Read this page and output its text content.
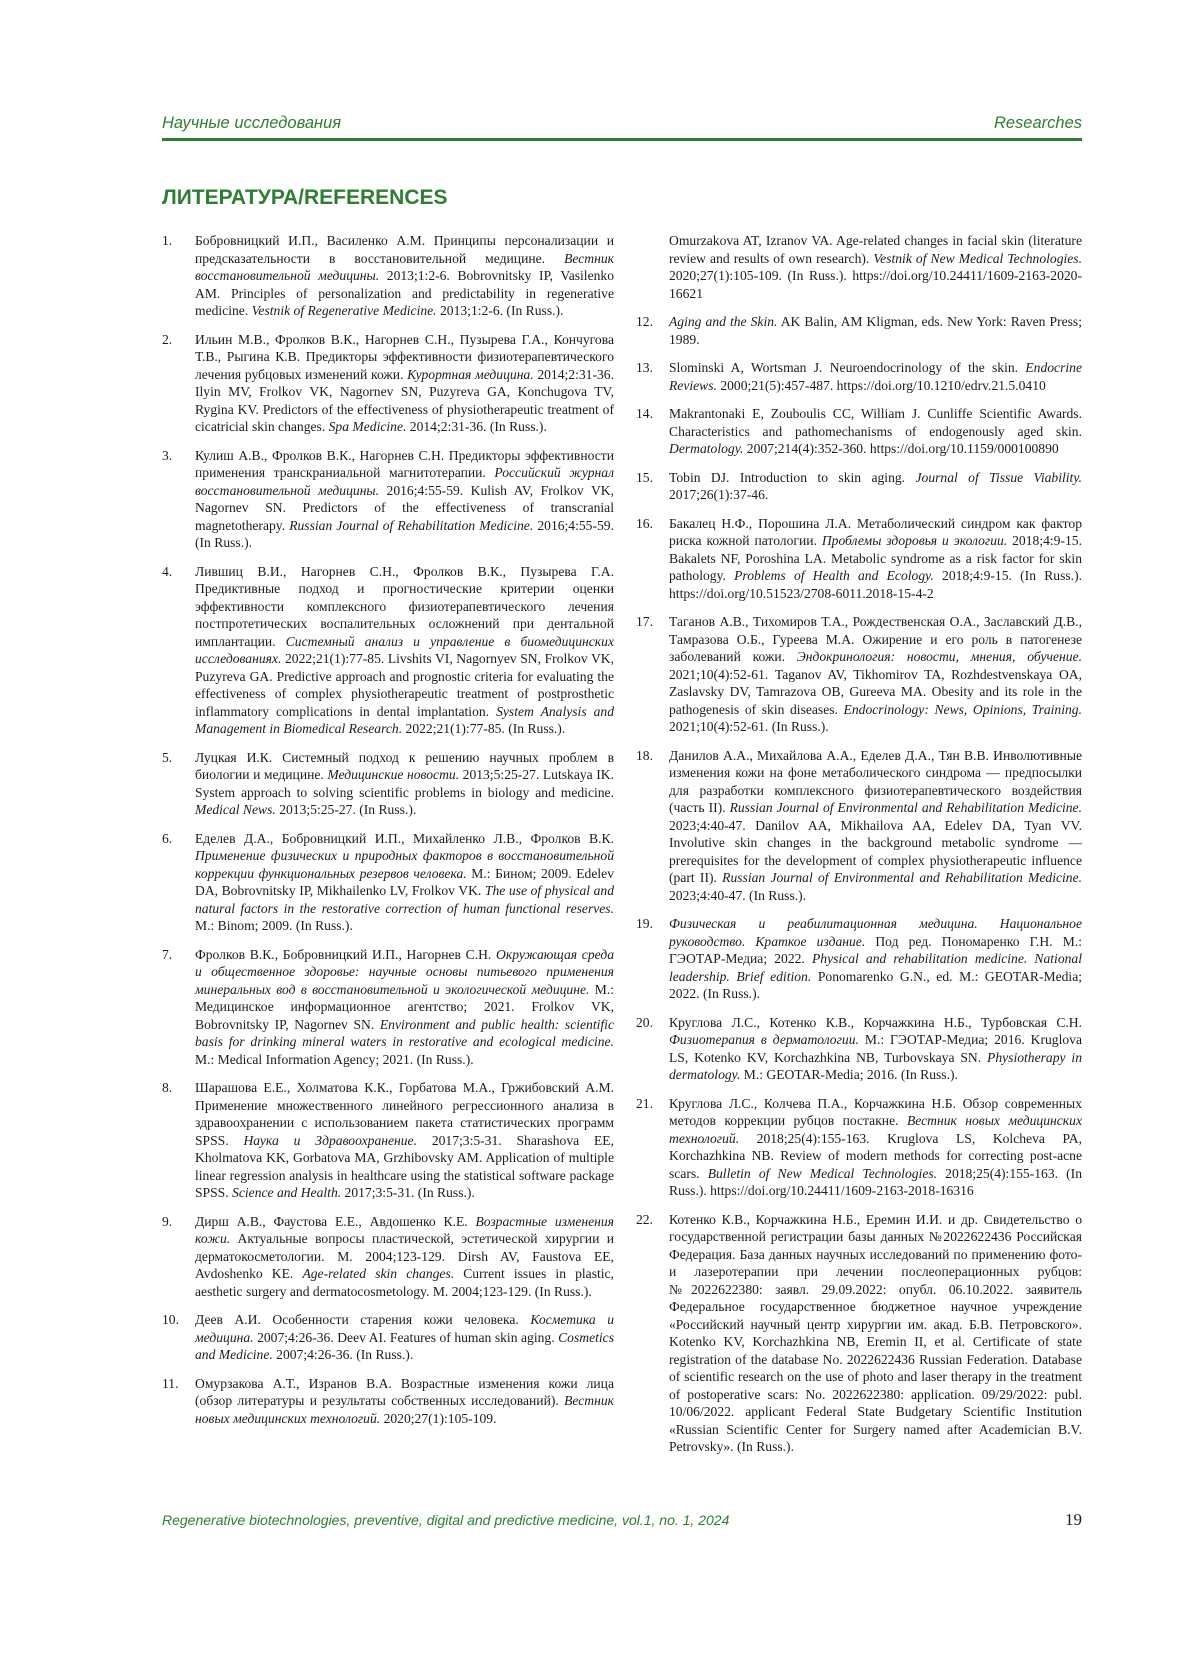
Научные исследования	Researches
ЛИТЕРАТУРА/REFERENCES
1. Бобровницкий И.П., Василенко А.М. Принципы персонализации и предсказательности в восстановительной медицине. Вестник восстановительной медицины. 2013;1:2-6. Bobrovnitsky IP, Vasilenko AM. Principles of personalization and predictability in regenerative medicine. Vestnik of Regenerative Medicine. 2013;1:2-6. (In Russ.).
2. Ильин М.В., Фролков В.К., Нагорнев С.Н., Пузырева Г.А., Кончугова Т.В., Рыгина К.В. Предикторы эффективности физиотерапевтического лечения рубцовых изменений кожи. Курортная медицина. 2014;2:31-36. Ilyin MV, Frolkov VK, Nagornev SN, Puzyreva GA, Konchugova TV, Rygina KV. Predictors of the effectiveness of physiotherapeutic treatment of cicatricial skin changes. Spa Medicine. 2014;2:31-36. (In Russ.).
3. Кулиш А.В., Фролков В.К., Нагорнев С.Н. Предикторы эффективности применения транскраниальной магнитотерапии. Российский журнал восстановительной медицины. 2016;4:55-59. Kulish AV, Frolkov VK, Nagornev SN. Predictors of the effectiveness of transcranial magnetotherapy. Russian Journal of Rehabilitation Medicine. 2016;4:55-59. (In Russ.).
4. Лившиц В.И., Нагорнев С.Н., Фролков В.К., Пузырева Г.А. Предиктивные подход и прогностические критерии оценки эффективности комплексного физиотерапевтического лечения постпротетических воспалительных осложнений при дентальной имплантации. Системный анализ и управление в биомедицинских исследованиях. 2022;21(1):77-85. Livshits VI, Nagornyev SN, Frolkov VK, Puzyreva GA. Predictive approach and prognostic criteria for evaluating the effectiveness of complex physiotherapeutic treatment of postprosthetic inflammatory complications in dental implantation. System Analysis and Management in Biomedical Research. 2022;21(1):77-85. (In Russ.).
5. Луцкая И.К. Системный подход к решению научных проблем в биологии и медицине. Медицинские новости. 2013;5:25-27. Lutskaya IK. System approach to solving scientific problems in biology and medicine. Medical News. 2013;5:25-27. (In Russ.).
6. Еделев Д.А., Бобровницкий И.П., Михайленко Л.В., Фролков В.К. Применение физических и природных факторов в восстановительной коррекции функциональных резервов человека. М.: Бином; 2009. Edelev DA, Bobrovnitsky IP, Mikhailenko LV, Frolkov VK. The use of physical and natural factors in the restorative correction of human functional reserves. M.: Binom; 2009. (In Russ.).
7. Фролков В.К., Бобровницкий И.П., Нагорнев С.Н. Окружающая среда и общественное здоровье: научные основы питьевого применения минеральных вод в восстановительной и экологической медицине. М.: Медицинское информационное агентство; 2021. Frolkov VK, Bobrovnitsky IP, Nagornev SN. Environment and public health: scientific basis for drinking mineral waters in restorative and ecological medicine. M.: Medical Information Agency; 2021. (In Russ.).
8. Шарашова Е.Е., Холматова К.К., Горбатова М.А., Гржибовский А.М. Применение множественного линейного регрессионного анализа в здравоохранении с использованием пакета статистических программ SPSS. Наука и Здравоохранение. 2017;3:5-31. Sharashova EE, Kholmatova KK, Gorbatova MA, Grzhibovsky AM. Application of multiple linear regression analysis in healthcare using the statistical software package SPSS. Science and Health. 2017;3:5-31. (In Russ.).
9. Дирш А.В., Фаустова Е.Е., Авдошенко К.Е. Возрастные изменения кожи. Актуальные вопросы пластической, эстетической хирургии и дерматокосметологии. М. 2004;123-129. Dirsh AV, Faustova EE, Avdoshenko KE. Age-related skin changes. Current issues in plastic, aesthetic surgery and dermatocosmetology. M. 2004;123-129. (In Russ.).
10. Деев А.И. Особенности старения кожи человека. Косметика и медицина. 2007;4:26-36. Deev AI. Features of human skin aging. Cosmetics and Medicine. 2007;4:26-36. (In Russ.).
11. Омурзакова А.Т., Изранов В.А. Возрастные изменения кожи лица (обзор литературы и результаты собственных исследований). Вестник новых медицинских технологий. 2020;27(1):105-109.
Omurzakova AT, Izranov VA. Age-related changes in facial skin (literature review and results of own research). Vestnik of New Medical Technologies. 2020;27(1):105-109. (In Russ.). https://doi.org/10.24411/1609-2163-2020-16621
12. Aging and the Skin. AK Balin, AM Kligman, eds. New York: Raven Press; 1989.
13. Slominski A, Wortsman J. Neuroendocrinology of the skin. Endocrine Reviews. 2000;21(5):457-487. https://doi.org/10.1210/edrv.21.5.0410
14. Makrantonaki E, Zouboulis CC, William J. Cunliffe Scientific Awards. Characteristics and pathomechanisms of endogenously aged skin. Dermatology. 2007;214(4):352-360. https://doi.org/10.1159/000100890
15. Tobin DJ. Introduction to skin aging. Journal of Tissue Viability. 2017;26(1):37-46.
16. Бакалец Н.Ф., Порошина Л.А. Метаболический синдром как фактор риска кожной патологии. Проблемы здоровья и экологии. 2018;4:9-15. Bakalets NF, Poroshina LA. Metabolic syndrome as a risk factor for skin pathology. Problems of Health and Ecology. 2018;4:9-15. (In Russ.). https://doi.org/10.51523/2708-6011.2018-15-4-2
17. Таганов А.В., Тихомиров Т.А., Рождественская О.А., Заславский Д.В., Тамразова О.Б., Гуреева М.А. Ожирение и его роль в патогенезе заболеваний кожи. Эндокринология: новости, мнения, обучение. 2021;10(4):52-61. Taganov AV, Tikhomirov TA, Rozhdestvenskaya OA, Zaslavsky DV, Tamrazova OB, Gureeva MA. Obesity and its role in the pathogenesis of skin diseases. Endocrinology: News, Opinions, Training. 2021;10(4):52-61. (In Russ.).
18. Данилов А.А., Михайлова А.А., Еделев Д.А., Тян В.В. Инволютивные изменения кожи на фоне метаболического синдрома — предпосылки для разработки комплексного физиотерапевтического воздействия (часть II). Russian Journal of Environmental and Rehabilitation Medicine. 2023;4:40-47. Danilov AA, Mikhailova AA, Edelev DA, Tyan VV. Involutive skin changes in the background metabolic syndrome — prerequisites for the development of complex physiotherapeutic influence (part II). Russian Journal of Environmental and Rehabilitation Medicine. 2023;4:40-47. (In Russ.).
19. Физическая и реабилитационная медицина. Национальное руководство. Краткое издание. Под ред. Пономаренко Г.Н. М.: ГЭОТАР-Медиа; 2022. Physical and rehabilitation medicine. National leadership. Brief edition. Ponomarenko G.N., ed. M.: GEOTAR-Media; 2022. (In Russ.).
20. Круглова Л.С., Котенко К.В., Корчажкина Н.Б., Турбовская С.Н. Физиотерапия в дерматологии. М.: ГЭОТАР-Медиа; 2016. Kruglova LS, Kotenko KV, Korchazhkina NB, Turbovskaya SN. Physiotherapy in dermatology. M.: GEOTAR-Media; 2016. (In Russ.).
21. Круглова Л.С., Колчева П.А., Корчажкина Н.Б. Обзор современных методов коррекции рубцов постакне. Вестник новых медицинских технологий. 2018;25(4):155-163. Kruglova LS, Kolcheva PA, Korchazhkina NB. Review of modern methods for correcting post-acne scars. Bulletin of New Medical Technologies. 2018;25(4):155-163. (In Russ.). https://doi.org/10.24411/1609-2163-2018-16316
22. Котенко К.В., Корчажкина Н.Б., Еремин И.И. и др. Свидетельство о государственной регистрации базы данных №2022622436 Российская Федерация. База данных научных исследований по применению фото- и лазеротерапии при лечении послеоперационных рубцов: №2022622380: заявл. 29.09.2022: опубл. 06.10.2022. заявитель Федеральное государственное бюджетное научное учреждение «Российский научный центр хирургии им. акад. Б.В. Петровского». Kotenko KV, Korchazhkina NB, Eremin II, et al. Certificate of state registration of the database No. 2022622436 Russian Federation. Database of scientific research on the use of photo and laser therapy in the treatment of postoperative scars: No. 2022622380: application. 09/29/2022: publ. 10/06/2022. applicant Federal State Budgetary Scientific Institution «Russian Scientific Center for Surgery named after Academician B.V. Petrovsky». (In Russ.).
Regenerative biotechnologies, preventive, digital and predictive medicine, vol.1, no. 1, 2024	19
